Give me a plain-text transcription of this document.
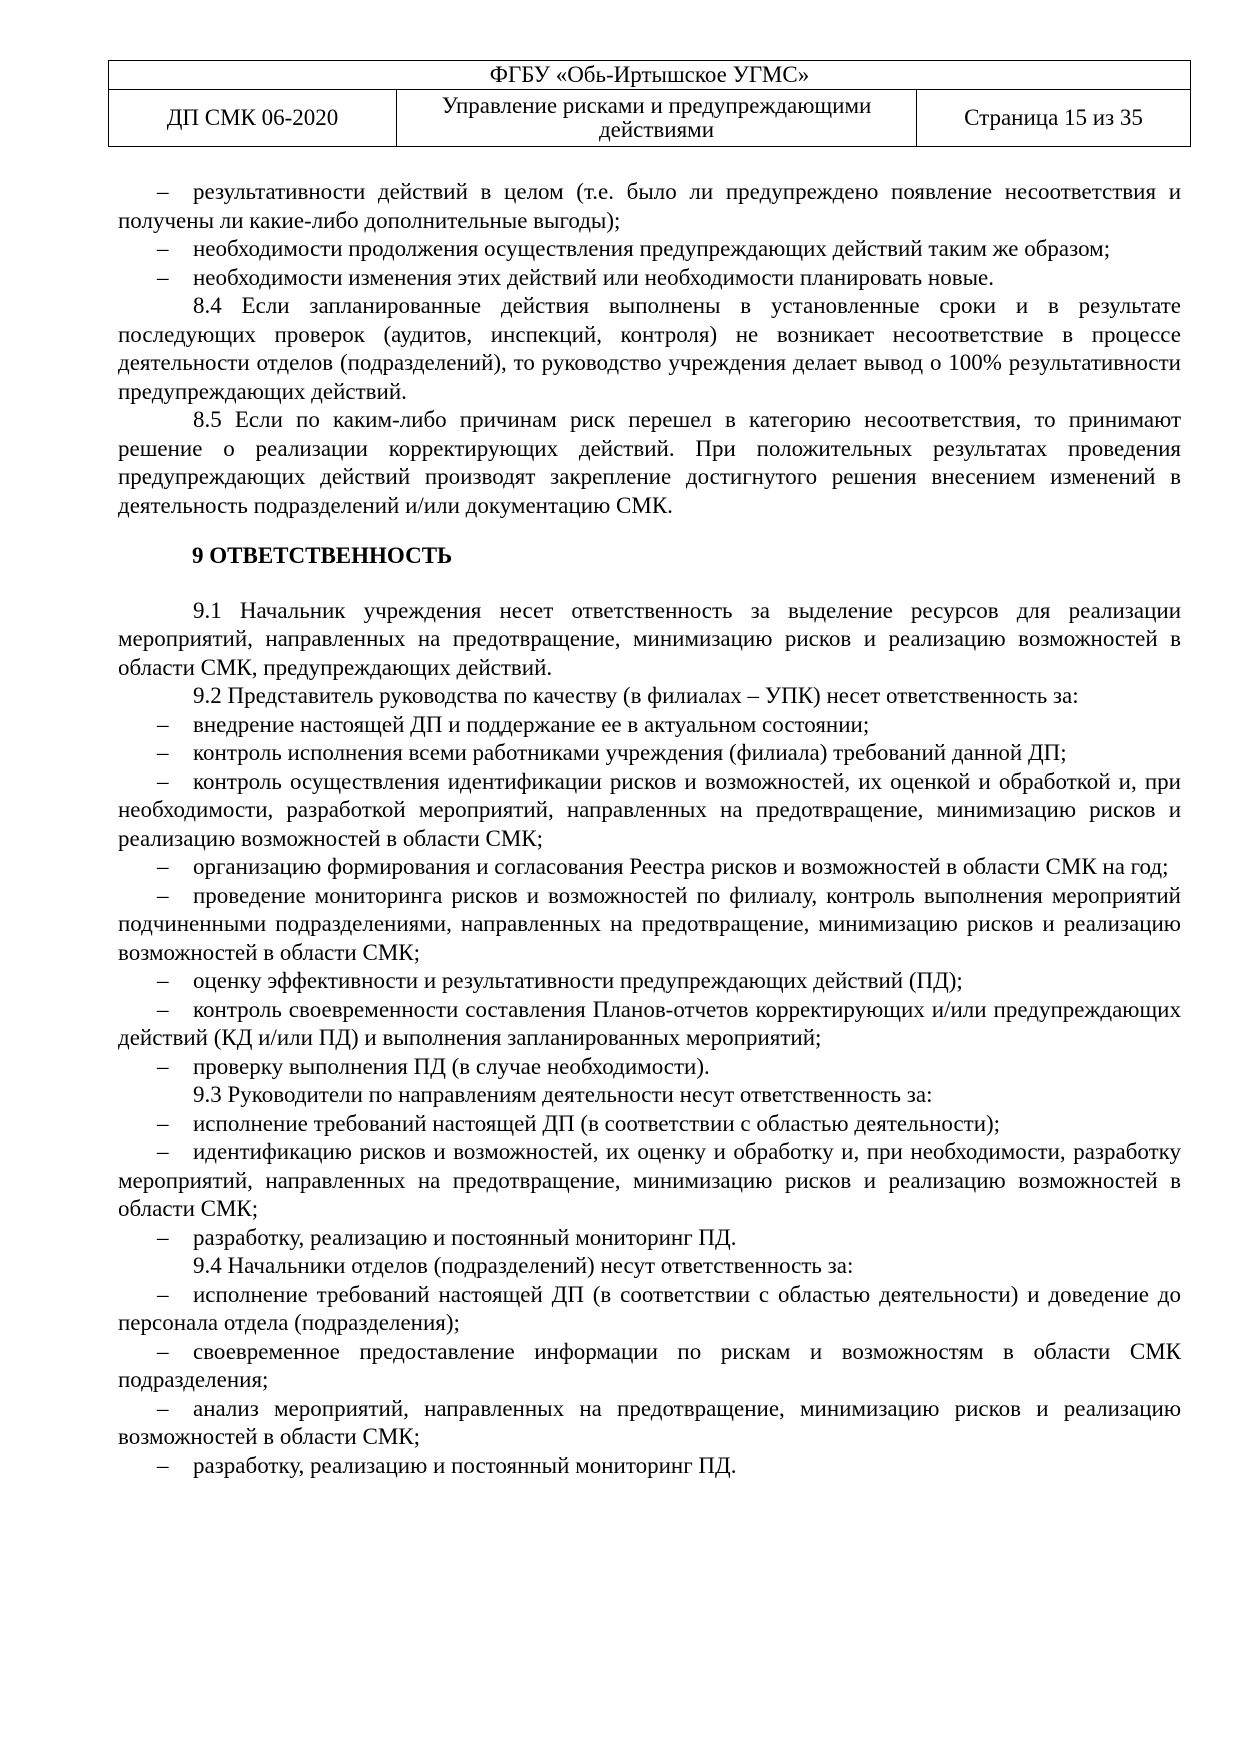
ФГБУ «Обь-Иртышское УГМС»
ДП СМК 06-2020	Управление рисками и предупреждающими действиями	Страница 15 из 35

– результативности действий в целом (т.е. было ли предупреждено появление несоответствия и получены ли какие-либо дополнительные выгоды);

– необходимости продолжения осуществления предупреждающих действий таким же образом;

– необходимости изменения этих действий или необходимости планировать новые.

8.4 Если запланированные действия выполнены в установленные сроки и в результате последующих проверок (аудитов, инспекций, контроля) не возникает несоответствие в процессе деятельности отделов (подразделений), то руководство учреждения делает вывод о 100% результативности предупреждающих действий.

8.5 Если по каким-либо причинам риск перешел в категорию несоответствия, то принимают решение о реализации корректирующих действий. При положительных результатах проведения предупреждающих действий производят закрепление достигнутого решения внесением изменений в деятельность подразделений и/или документацию СМК.

9 ОТВЕТСТВЕННОСТЬ

9.1 Начальник учреждения несет ответственность за выделение ресурсов для реализации мероприятий, направленных на предотвращение, минимизацию рисков и реализацию возможностей в области СМК, предупреждающих действий.

9.2 Представитель руководства по качеству (в филиалах – УПК) несет ответственность за:

– внедрение настоящей ДП и поддержание ее в актуальном состоянии;

– контроль исполнения всеми работниками учреждения (филиала) требований данной ДП;

– контроль осуществления идентификации рисков и возможностей, их оценкой и обработкой и, при необходимости, разработкой мероприятий, направленных на предотвращение, минимизацию рисков и реализацию возможностей в области СМК;

– организацию формирования и согласования Реестра рисков и возможностей в области СМК на год;

– проведение мониторинга рисков и возможностей по филиалу, контроль выполнения мероприятий подчиненными подразделениями, направленных на предотвращение, минимизацию рисков и реализацию возможностей в области СМК;

– оценку эффективности и результативности предупреждающих действий (ПД);

– контроль своевременности составления Планов-отчетов корректирующих и/или предупреждающих действий (КД и/или ПД) и выполнения запланированных мероприятий;

– проверку выполнения ПД (в случае необходимости).

9.3 Руководители по направлениям деятельности несут ответственность за:

– исполнение требований настоящей ДП (в соответствии с областью деятельности);

– идентификацию рисков и возможностей, их оценку и обработку и, при необходимости, разработку мероприятий, направленных на предотвращение, минимизацию рисков и реализацию возможностей в области СМК;

– разработку, реализацию и постоянный мониторинг ПД.

9.4 Начальники отделов (подразделений) несут ответственность за:

– исполнение требований настоящей ДП (в соответствии с областью деятельности) и доведение до персонала отдела (подразделения);

– своевременное предоставление информации по рискам и возможностям в области СМК подразделения;

– анализ мероприятий, направленных на предотвращение, минимизацию рисков и реализацию возможностей в области СМК;

– разработку, реализацию и постоянный мониторинг ПД.
